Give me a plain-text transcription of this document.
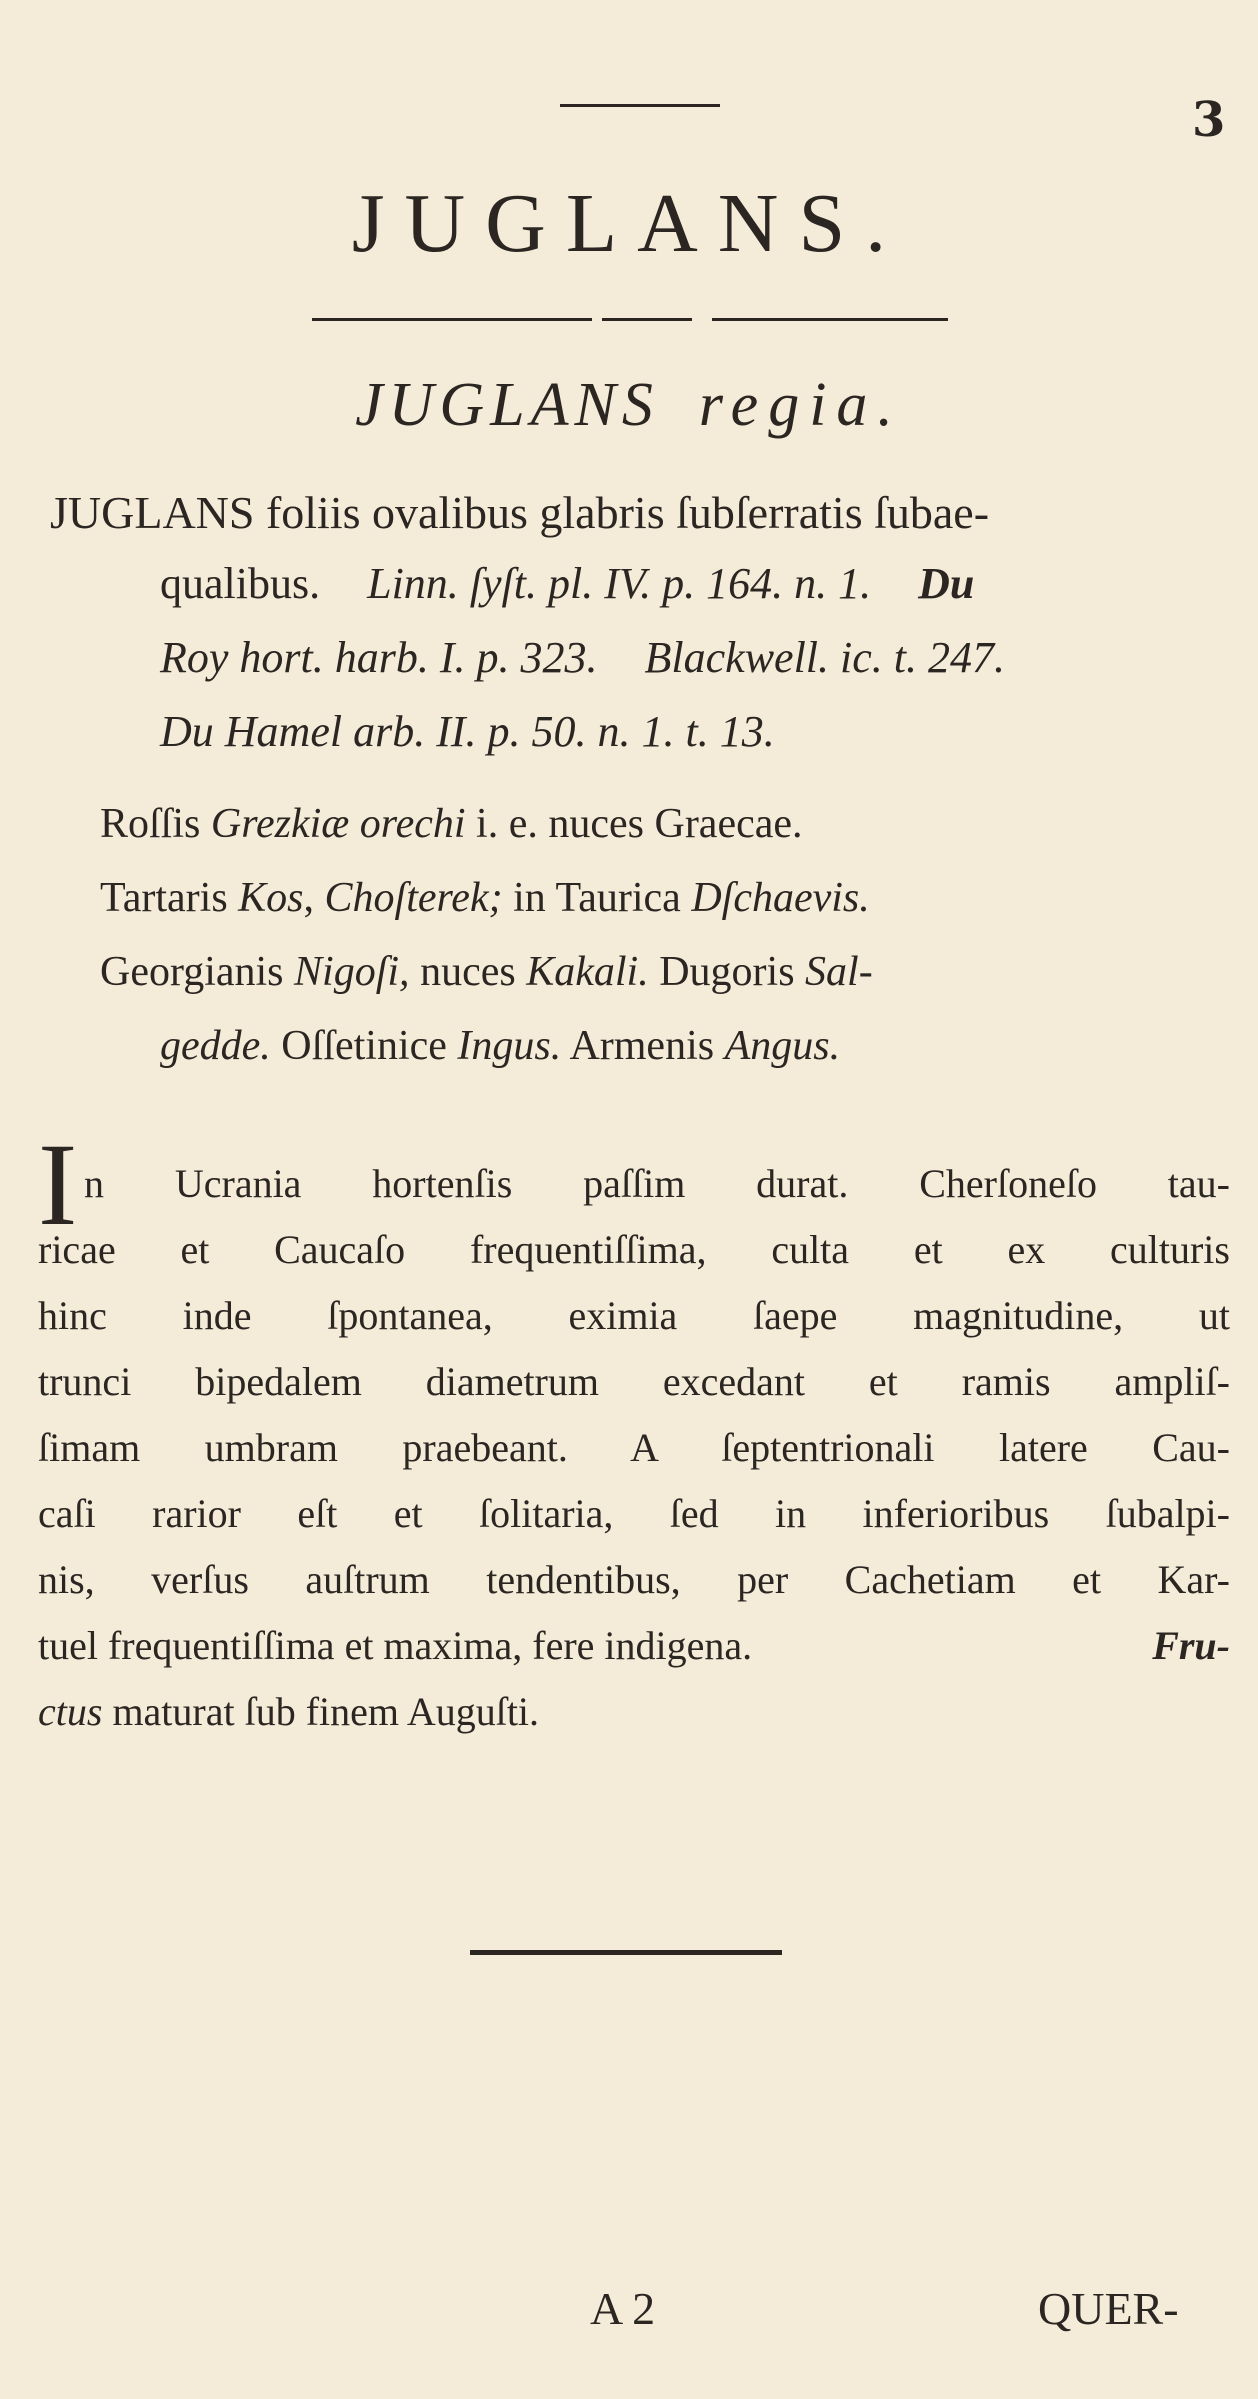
3
JUGLANS.
JUGLANS regia.
JUGLANS foliis ovalibus glabris ſubſerratis ſubae-
qualibus. Linn. ſyſt. pl. IV. p. 164. n. 1. Du
Roy hort. harb. I. p. 323. Blackwell. ic. t. 247.
Du Hamel arb. II. p. 50. n. 1. t. 13.
Roſſis Grezkiæ orechi i. e. nuces Graecae.
Tartaris Kos, Choſterek; in Taurica Dſchaevis.
Georgianis Nigoſi, nuces Kakali. Dugoris Sal-
gedde. Oſſetinice Ingus. Armenis Angus.
I n Ucrania hortenſis paſſim durat. Cherſoneſo tau-
ricae et Caucaſo frequentiſſima, culta et ex culturis
hinc inde ſpontanea, eximia ſaepe magnitudine, ut
trunci bipedalem diametrum excedant et ramis ampliſ-
ſimam umbram praebeant. A ſeptentrionali latere Cau-
caſi rarior eſt et ſolitaria, ſed in inferioribus ſubalpi-
nis, verſus auſtrum tendentibus, per Cachetiam et Kar-
tuel frequentiſſima et maxima, fere indigena.	Fru-
ctus maturat ſub finem Auguſti.
A 2	QUER-
